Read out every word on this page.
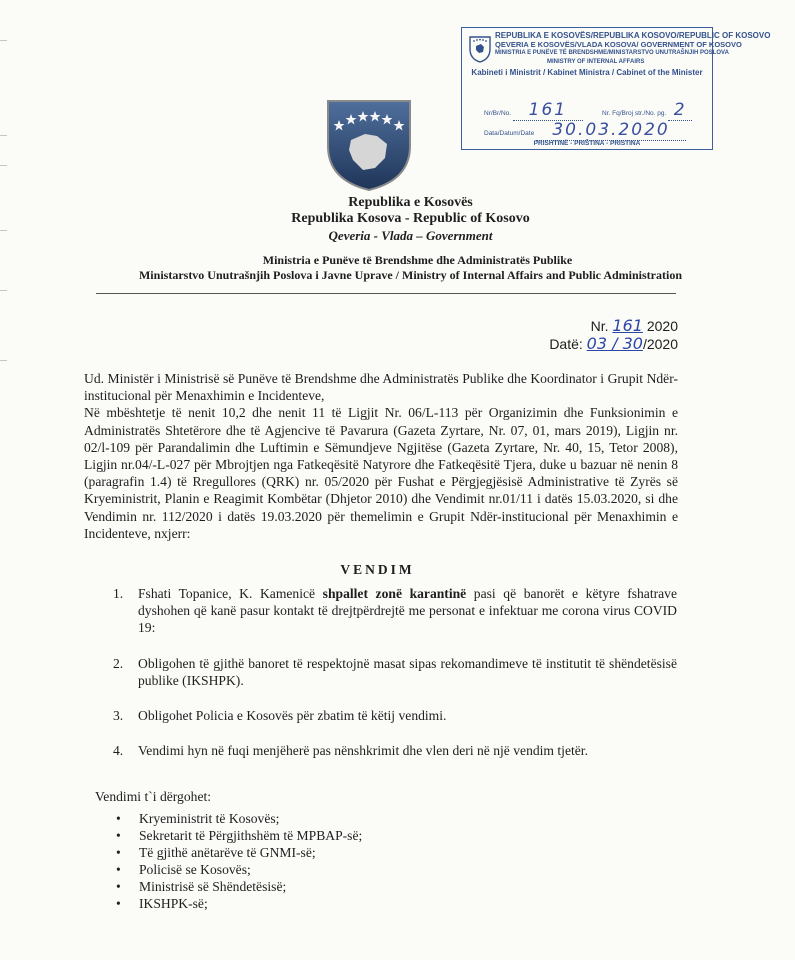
REPUBLIKA E KOSOVËS/REPUBLIKA KOSOVO/REPUBLIC OF KOSOVO
QEVERIA E KOSOVËS/VLADA KOSOVA/ GOVERNMENT OF KOSOVO
MINISTRIA E PUNËVE TË BRENDSHME/MINISTARSTVO UNUTRAŠNJIH POSLOVA
MINISTRY OF INTERNAL AFFAIRS
Kabineti i Ministrit / Kabinet Ministra / Cabinet of the Minister
Nr/Br/No. 161	Nr. Fq/Broj str./No. pg. 2
Data/Datum/Date 30.03.2020
PRISHTINË - PRIŠTINA - PRISTINA
Republika e Kosovës
Republika Kosova - Republic of Kosovo
Qeveria - Vlada – Government
Ministria e Punëve të Brendshme dhe Administratës Publike
Ministarstvo Unutrašnjih Poslova i Javne Uprave / Ministry of Internal Affairs and Public Administration
Nr. 161 2020
Datë: 03 / 30/2020

Ud. Ministër i Ministrisë së Punëve të Brendshme dhe Administratës Publike dhe Koordinator i Grupit Ndër-institucional për Menaxhimin e Incidenteve,

Në mbështetje të nenit 10,2 dhe nenit 11 të Ligjit Nr. 06/L-113 për Organizimin dhe Funksionimin e Administratës Shtetërore dhe të Agjencive të Pavarura (Gazeta Zyrtare, Nr. 07, 01, mars 2019), Ligjin nr. 02/l-109 për Parandalimin dhe Luftimin e Sëmundjeve Ngjitëse (Gazeta Zyrtare, Nr. 40, 15, Tetor 2008), Ligjin nr.04/-L-027 për Mbrojtjen nga Fatkeqësitë Natyrore dhe Fatkeqësitë Tjera, duke u bazuar në nenin 8 (paragrafin 1.4) të Rregullores (QRK) nr. 05/2020 për Fushat e Përgjegjësisë Administrative të Zyrës së Kryeministrit, Planin e Reagimit Kombëtar (Dhjetor 2010) dhe Vendimit nr.01/11 i datës 15.03.2020, si dhe Vendimin nr. 112/2020 i datës 19.03.2020 për themelimin e Grupit Ndër-institucional për Menaxhimin e Incidenteve, nxjerr:

VENDIM
1. Fshati Topanice, K. Kamenicë shpallet zonë karantinë pasi që banorët e këtyre fshatrave dyshohen që kanë pasur kontakt të drejtpërdrejtë me personat e infektuar me corona virus COVID 19:
2. Obligohen të gjithë banoret të respektojnë masat sipas rekomandimeve të institutit të shëndetësisë publike (IKSHPK).
3. Obligohet Policia e Kosovës për zbatim të këtij vendimi.
4. Vendimi hyn në fuqi menjëherë pas nënshkrimit dhe vlen deri në një vendim tjetër.
Vendimi t`i dërgohet:
• Kryeministrit të Kosovës;
• Sekretarit të Përgjithshëm të MPBAP-së;
• Të gjithë anëtarëve të GNMI-së;
• Policisë se Kosovës;
• Ministrisë së Shëndetësisë;
• IKSHPK-së;
